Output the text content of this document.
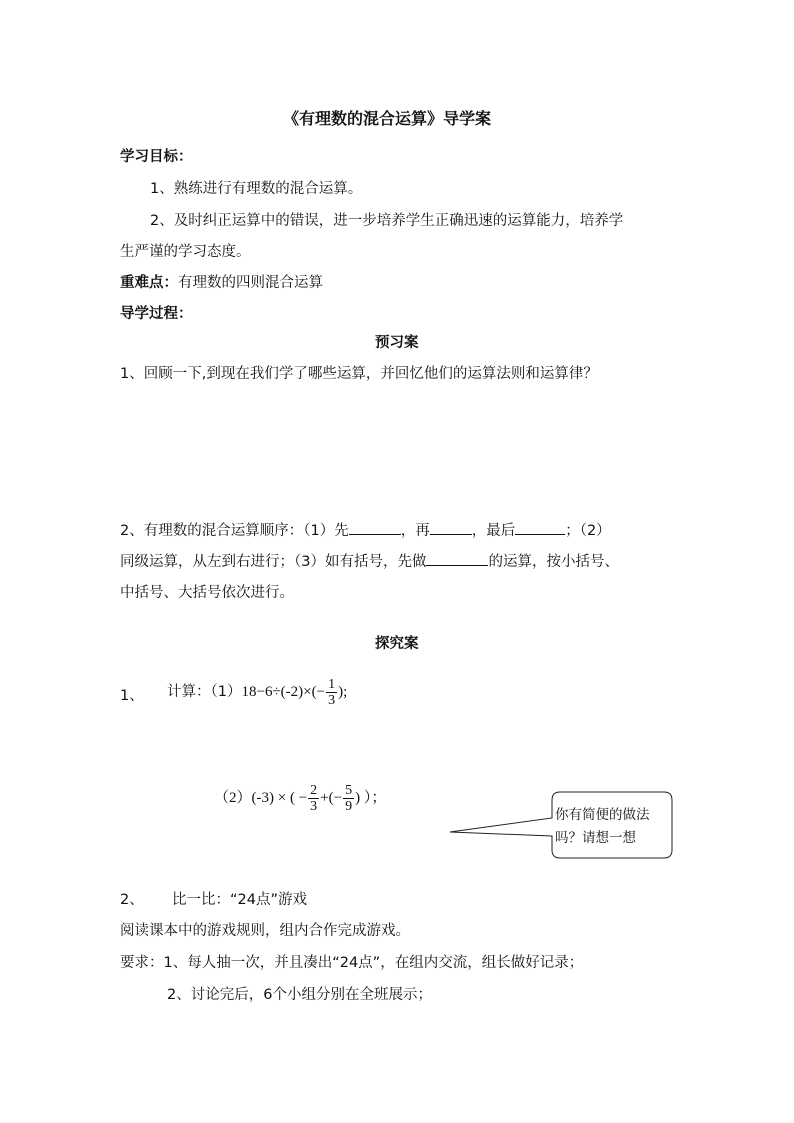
《有理数的混合运算》导学案
学习目标：
1、熟练进行有理数的混合运算。
2、及时纠正运算中的错误，进一步培养学生正确迅速的运算能力，培养学
生严谨的学习态度。
重难点：有理数的四则混合运算
导学过程：
预习案
1、回顾一下,到现在我们学了哪些运算，并回忆他们的运算法则和运算律？
2、有理数的混合运算顺序：（1）先	，再	，最后	；（2）
同级运算，从左到右进行；（3）如有括号，先做	的运算，按小括号、
中括号、大括号依次进行。
探究案
1、 计算：$(1)18-6\div(-2)\times(- \frac{1}{3}$ );
（2）(-3) × ( − $\frac{2}{3}$ +(− $\frac{5}{9}$ ) ）；
你有简便的做法
吗？请想一想
2、 比一比：“24点”游戏
阅读课本中的游戏规则，组内合作完成游戏。
要求：1、每人抽一次，并且凑出“24点”，在组内交流，组长做好记录；
2、讨论完后，6个小组分别在全班展示；
